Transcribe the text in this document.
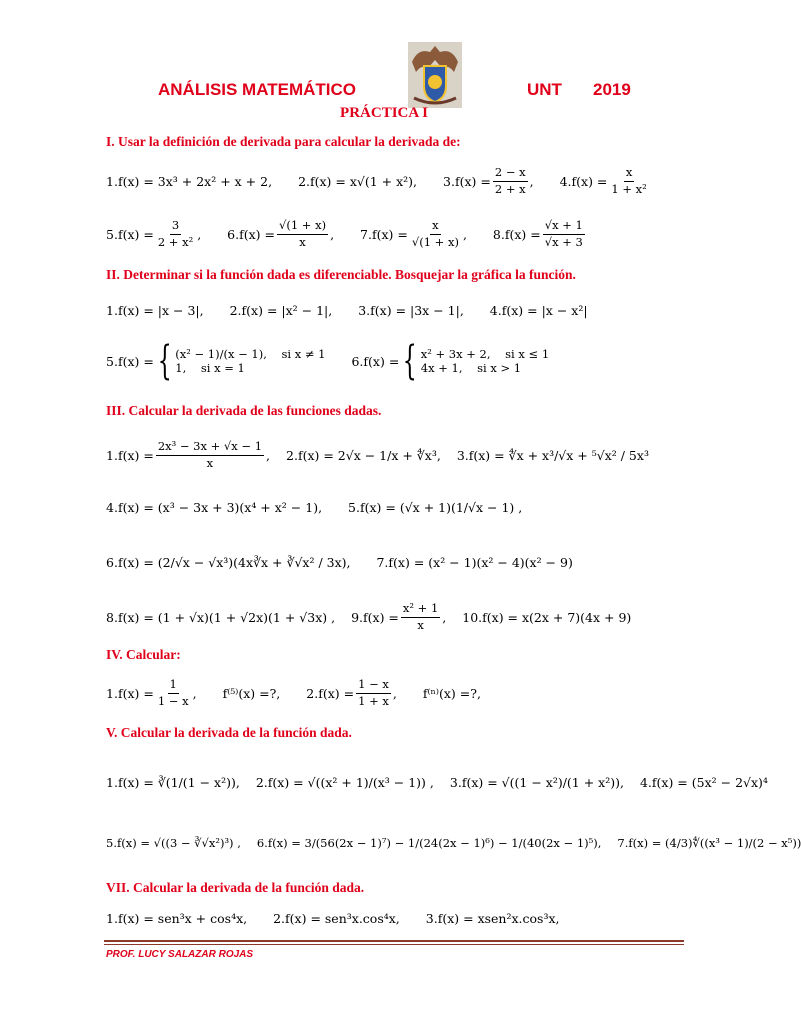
ANÁLISIS MATEMÁTICO	UNT 2019
PRÁCTICA I
I. Usar la definición de derivada para calcular la derivada de:
1. f(x) = 3x³ + 2x² + x + 2, 2. f(x) = x√(1 + x²), 3. $f(x) = \frac{2 - x}{2 + x}$ , 4. $f(x) = \frac{x}{\text{1 + x²}}$
5. $f(x) = \frac{3}{\text{2 + x²}}$ , 6. $f(x) = \frac{√(1 + x)}{x}$ , 7. $f(x) = \frac{x}{√(1 + x)}$ , 8. $f(x) = \frac{√x + 1}{√x + 3}$
II. Determinar si la función dada es diferenciable. Bosquejar la gráfica la función.
1. f(x) = |x − 3|, 2. f(x) = |x² − 1|, 3. f(x) = |3x − 1|, 4. f(x) = |x − x²|
5. f(x) = { (x² − 1)/(x − 1), si x ≠ 1
1, si x = 1	6. f(x) = { x² + 3x + 2, si x ≤ 1
4x + 1, si x > 1
III. Calcular la derivada de las funciones dadas.
1. $f(x) = \frac{\text{2x³ − 3x + √x − 1}}{x}$ , 2. f(x) = 2√x − 1/x + ∜x³, 3. f(x) = ∜x + x³/√x + ⁵√x² / 5x³
4. f(x) = (x³ − 3x + 3)(x⁴ + x² − 1), 5. f(x) = (√x + 1)(1/√x − 1) ,
6. f(x) = (2/√x − √x³)(4x∛x + ∛√x² / 3x), 7. f(x) = (x² − 1)(x² − 4)(x² − 9)
8. f(x) = (1 + √x)(1 + √2x)(1 + √3x) , 9. $f(x) = \frac{\text{x² + 1}}{x}$ , 10. f(x) = x(2x + 7)(4x + 9)
IV. Calcular:
1. $f(x) = \frac{1}{1 - x}$ , f⁽⁵⁾(x) =?, 2. $f(x) = \frac{1 - x}{1 + x}$ , f⁽ⁿ⁾(x) =?,
V. Calcular la derivada de la función dada.
1. f(x) = ∛(1/(1 − x²)), 2. f(x) = √((x² + 1)/(x³ − 1)) , 3. f(x) = √((1 − x²)/(1 + x²)), 4. f(x) = (5x² − 2√x)⁴
5. f(x) = √((3 − ∛√x²)³) , 6. f(x) = 3/(56(2x − 1)⁷) − 1/(24(2x − 1)⁶) − 1/(40(2x − 1)⁵), 7. f(x) = (4/3)∜((x³ − 1)/(2 − x⁵))
VII. Calcular la derivada de la función dada.
1. f(x) = sen³x + cos⁴x, 2. f(x) = sen³x.cos⁴x, 3. f(x) = xsen²x.cos³x,
PROF. LUCY SALAZAR ROJAS
